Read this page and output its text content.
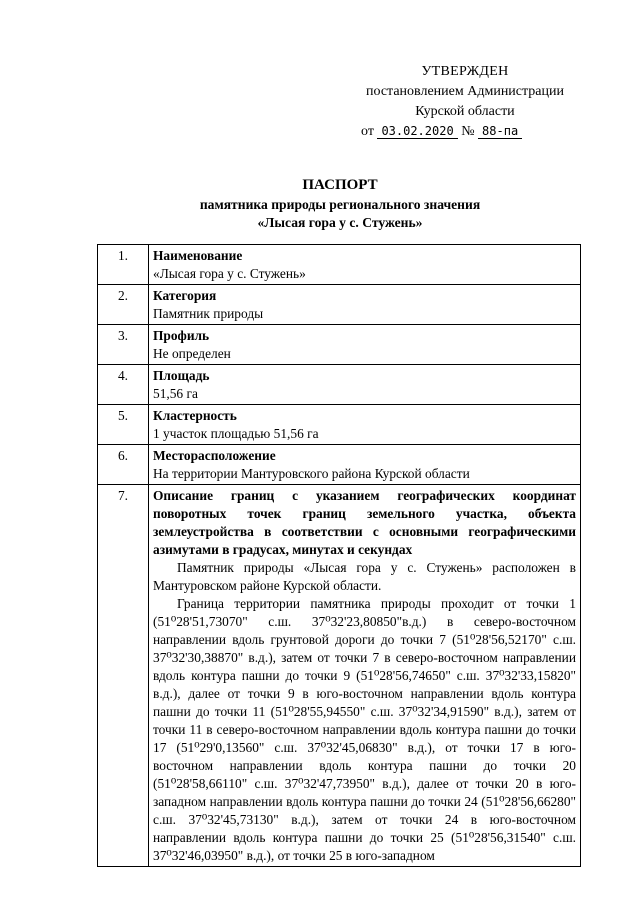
УТВЕРЖДЕН
постановлением Администрации
Курской области
от 03.02.2020 № 88-па
ПАСПОРТ
памятника природы регионального значения
«Лысая гора у с. Стужень»
1.	Наименование
«Лысая гора у с. Стужень»

2.	Категория
Памятник природы

3.	Профиль
Не определен

4.	Площадь
51,56 га

5.	Кластерность
1 участок площадью 51,56 га

6.	Месторасположение
На территории Мантуровского района Курской области

7.	Описание границ с указанием географических координат поворотных точек границ земельного участка, объекта землеустройства в соответствии с основными географическими азимутами в градусах, минутах и секундах
Памятник природы «Лысая гора у с. Стужень» расположен в Мантуровском районе Курской области.
Граница территории памятника природы проходит от точки 1 (51⁰28'51,73070" с.ш. 37⁰32'23,80850"в.д.) в северо-восточном направлении вдоль грунтовой дороги до точки 7 (51⁰28'56,52170" с.ш. 37⁰32'30,38870" в.д.), затем от точки 7 в северо-восточном направлении вдоль контура пашни до точки 9 (51⁰28'56,74650" с.ш. 37⁰32'33,15820" в.д.), далее от точки 9 в юго-восточном направлении вдоль контура пашни до точки 11 (51⁰28'55,94550" с.ш. 37⁰32'34,91590" в.д.), затем от точки 11 в северо-восточном направлении вдоль контура пашни до точки 17 (51⁰29'0,13560" с.ш. 37⁰32'45,06830" в.д.), от точки 17 в юго-восточном направлении вдоль контура пашни до точки 20 (51⁰28'58,66110" с.ш. 37⁰32'47,73950" в.д.), далее от точки 20 в юго-западном направлении вдоль контура пашни до точки 24 (51⁰28'56,66280" с.ш. 37⁰32'45,73130" в.д.), затем от точки 24 в юго-восточном направлении вдоль контура пашни до точки 25 (51⁰28'56,31540" с.ш. 37⁰32'46,03950" в.д.), от точки 25 в юго-западном
